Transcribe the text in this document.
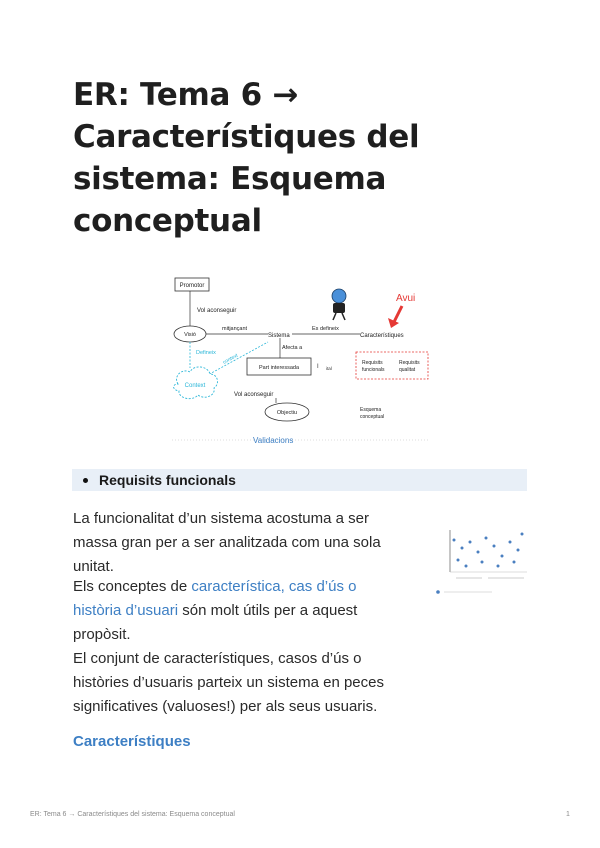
ER: Tema 6 →
Característiques del
sistema: Esquema
conceptual
Promotor
Vol aconseguir
Visió
mitjançant
Sistema
Es defineix
Característiques
Avui
Defineix context
Context
Afecta a
Part interessada	I ital
Requisits
funcionals
Requisits
qualitat
Vol aconseguir
Objectiu	Esquema
conceptual
Validacions
Requisits funcionals

La funcionalitat d’un sistema acostuma a ser massa gran per a ser analitzada com una sola unitat.

Els conceptes de característica, cas d’ús o història d’usuari són molt útils per a aquest propòsit.

El conjunt de característiques, casos d’ús o històries d’usuaris parteix un sistema en peces significatives (valuoses!) per als seus usuaris.

Característiques
ER: Tema 6 → Característiques del sistema: Esquema conceptual	1
